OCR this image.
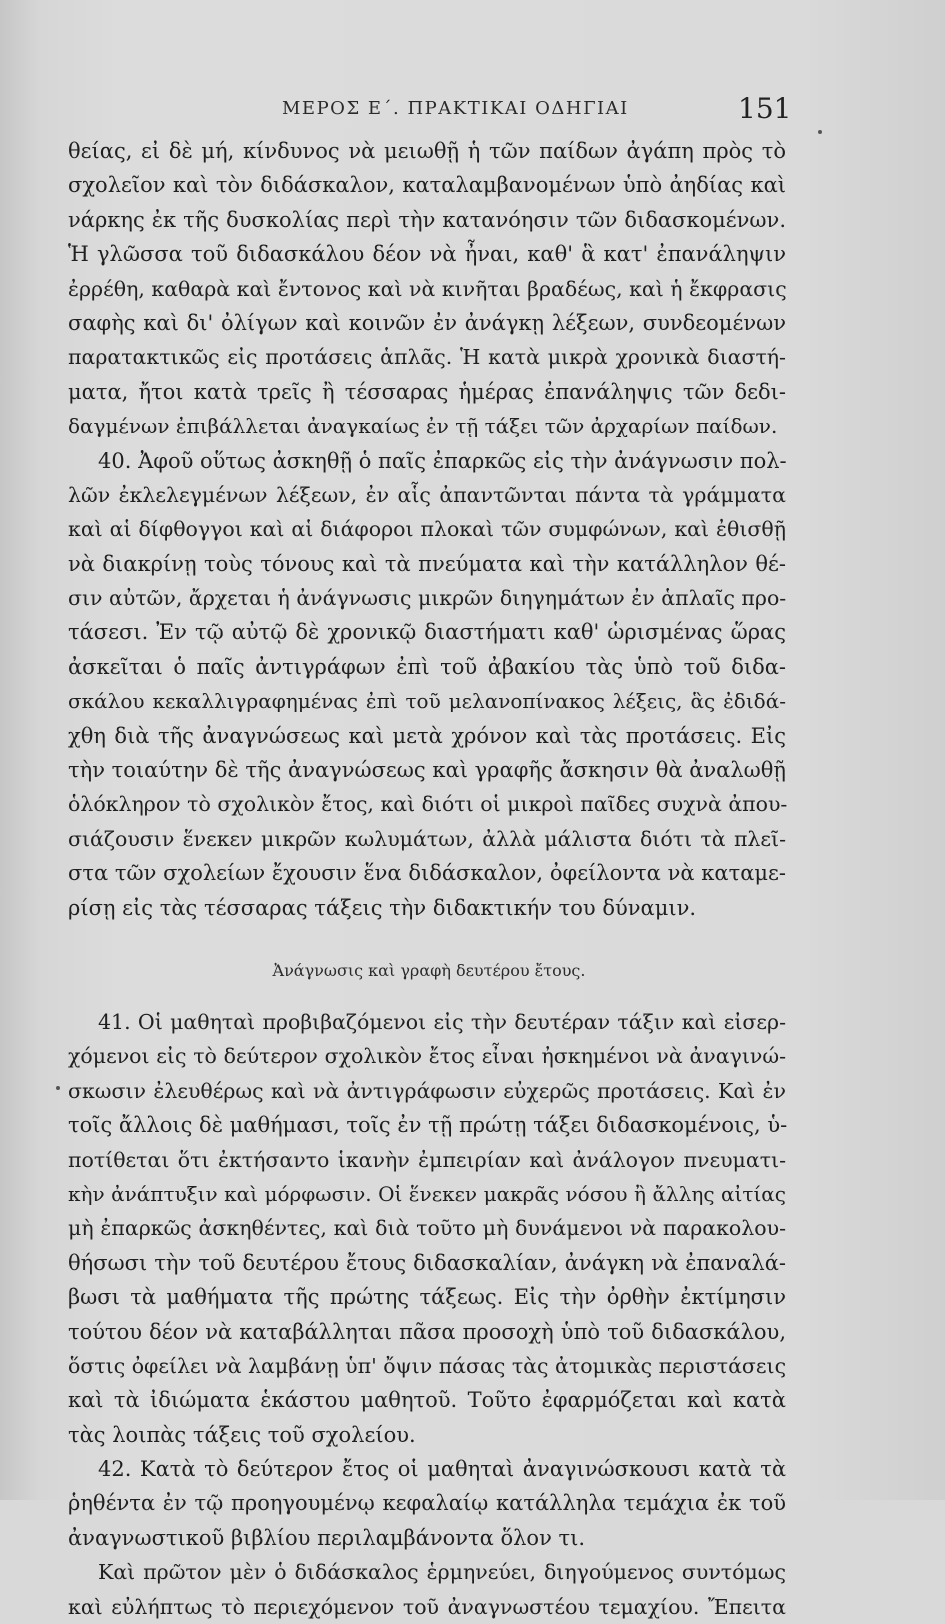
ΜΕΡΟΣ Ε΄. ΠΡΑΚΤΙΚΑΙ ΟΔΗΓΙΑΙ	151
θείας, εἰ δὲ μή, κίνδυνος νὰ μειωθῇ ἡ τῶν παίδων ἀγάπη πρὸς τὸ
σχολεῖον καὶ τὸν διδάσκαλον, καταλαμβανομένων ὑπὸ ἀηδίας καὶ
νάρκης ἐκ τῆς δυσκολίας περὶ τὴν κατανόησιν τῶν διδασκομένων.
Ἡ γλῶσσα τοῦ διδασκάλου δέον νὰ ἦναι, καθ' ἃ κατ' ἐπανάληψιν
ἐρρέθη, καθαρὰ καὶ ἔντονος καὶ νὰ κινῆται βραδέως, καὶ ἡ ἔκφρασις
σαφὴς καὶ δι' ὀλίγων καὶ κοινῶν ἐν ἀνάγκῃ λέξεων, συνδεομένων
παρατακτικῶς εἰς προτάσεις ἁπλᾶς. Ἡ κατὰ μικρὰ χρονικὰ διαστή-
ματα, ἤτοι κατὰ τρεῖς ἢ τέσσαρας ἡμέρας ἐπανάληψις τῶν δεδι-
δαγμένων ἐπιβάλλεται ἀναγκαίως ἐν τῇ τάξει τῶν ἀρχαρίων παίδων.
40. Ἀφοῦ οὕτως ἀσκηθῇ ὁ παῖς ἐπαρκῶς εἰς τὴν ἀνάγνωσιν πολ-
λῶν ἐκλελεγμένων λέξεων, ἐν αἷς ἀπαντῶνται πάντα τὰ γράμματα
καὶ αἱ δίφθογγοι καὶ αἱ διάφοροι πλοκαὶ τῶν συμφώνων, καὶ ἐθισθῇ
νὰ διακρίνῃ τοὺς τόνους καὶ τὰ πνεύματα καὶ τὴν κατάλληλον θέ-
σιν αὐτῶν, ἄρχεται ἡ ἀνάγνωσις μικρῶν διηγημάτων ἐν ἁπλαῖς προ-
τάσεσι. Ἐν τῷ αὐτῷ δὲ χρονικῷ διαστήματι καθ' ὡρισμένας ὥρας
ἀσκεῖται ὁ παῖς ἀντιγράφων ἐπὶ τοῦ ἀβακίου τὰς ὑπὸ τοῦ διδα-
σκάλου κεκαλλιγραφημένας ἐπὶ τοῦ μελανοπίνακος λέξεις, ἃς ἐδιδά-
χθη διὰ τῆς ἀναγνώσεως καὶ μετὰ χρόνον καὶ τὰς προτάσεις. Εἰς
τὴν τοιαύτην δὲ τῆς ἀναγνώσεως καὶ γραφῆς ἄσκησιν θὰ ἀναλωθῇ
ὁλόκληρον τὸ σχολικὸν ἔτος, καὶ διότι οἱ μικροὶ παῖδες συχνὰ ἀπου-
σιάζουσιν ἕνεκεν μικρῶν κωλυμάτων, ἀλλὰ μάλιστα διότι τὰ πλεῖ-
στα τῶν σχολείων ἔχουσιν ἕνα διδάσκαλον, ὀφείλοντα νὰ καταμε-
ρίσῃ εἰς τὰς τέσσαρας τάξεις τὴν διδακτικήν του δύναμιν.
Ἀνάγνωσις καὶ γραφὴ δευτέρου ἔτους.
41. Οἱ μαθηταὶ προβιβαζόμενοι εἰς τὴν δευτέραν τάξιν καὶ εἰσερ-
χόμενοι εἰς τὸ δεύτερον σχολικὸν ἔτος εἶναι ἠσκημένοι νὰ ἀναγινώ-
σκωσιν ἐλευθέρως καὶ νὰ ἀντιγράφωσιν εὐχερῶς προτάσεις. Καὶ ἐν
τοῖς ἄλλοις δὲ μαθήμασι, τοῖς ἐν τῇ πρώτῃ τάξει διδασκομένοις, ὑ-
ποτίθεται ὅτι ἐκτήσαντο ἱκανὴν ἐμπειρίαν καὶ ἀνάλογον πνευματι-
κὴν ἀνάπτυξιν καὶ μόρφωσιν. Οἱ ἕνεκεν μακρᾶς νόσου ἢ ἄλλης αἰτίας
μὴ ἐπαρκῶς ἀσκηθέντες, καὶ διὰ τοῦτο μὴ δυνάμενοι νὰ παρακολου-
θήσωσι τὴν τοῦ δευτέρου ἔτους διδασκαλίαν, ἀνάγκη νὰ ἐπαναλά-
βωσι τὰ μαθήματα τῆς πρώτης τάξεως. Εἰς τὴν ὀρθὴν ἐκτίμησιν
τούτου δέον νὰ καταβάλληται πᾶσα προσοχὴ ὑπὸ τοῦ διδασκάλου,
ὅστις ὀφείλει νὰ λαμβάνῃ ὑπ' ὄψιν πάσας τὰς ἀτομικὰς περιστάσεις
καὶ τὰ ἰδιώματα ἑκάστου μαθητοῦ. Τοῦτο ἐφαρμόζεται καὶ κατὰ
τὰς λοιπὰς τάξεις τοῦ σχολείου.
42. Κατὰ τὸ δεύτερον ἔτος οἱ μαθηταὶ ἀναγινώσκουσι κατὰ τὰ
ῥηθέντα ἐν τῷ προηγουμένῳ κεφαλαίῳ κατάλληλα τεμάχια ἐκ τοῦ
ἀναγνωστικοῦ βιβλίου περιλαμβάνοντα ὅλον τι.
Καὶ πρῶτον μὲν ὁ διδάσκαλος ἑρμηνεύει, διηγούμενος συντόμως
καὶ εὐλήπτως τὸ περιεχόμενον τοῦ ἀναγνωστέου τεμαχίου. Ἔπειτα
